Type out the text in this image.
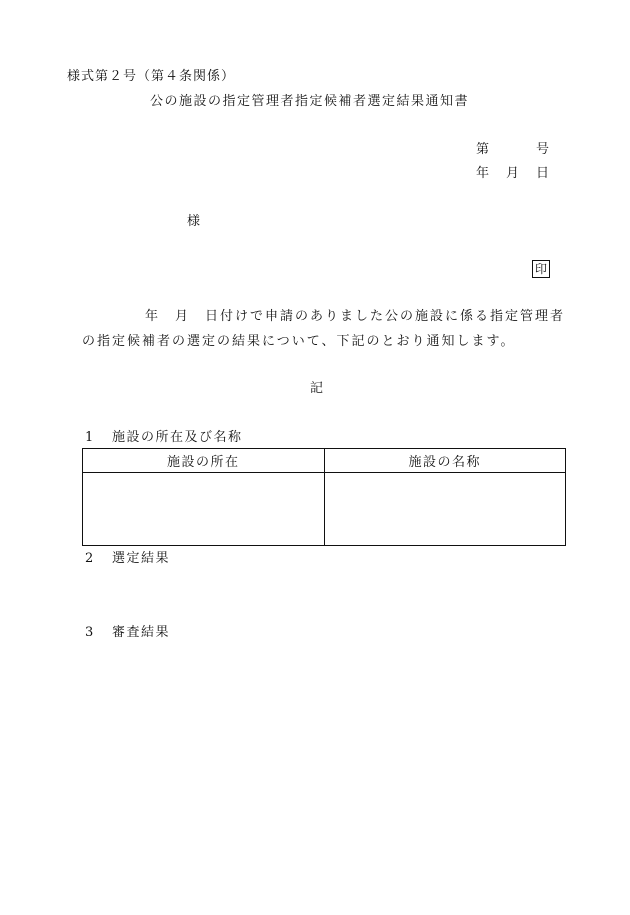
様式第２号（第４条関係）
公の施設の指定管理者指定候補者選定結果通知書
第	号
年 月 日
様
印
年 月 日付けで申請のありました公の施設に係る指定管理者
の指定候補者の選定の結果について、下記のとおり通知します。
記
1 施設の所在及び名称
施設の所在	施設の名称

2 選定結果
3 審査結果
